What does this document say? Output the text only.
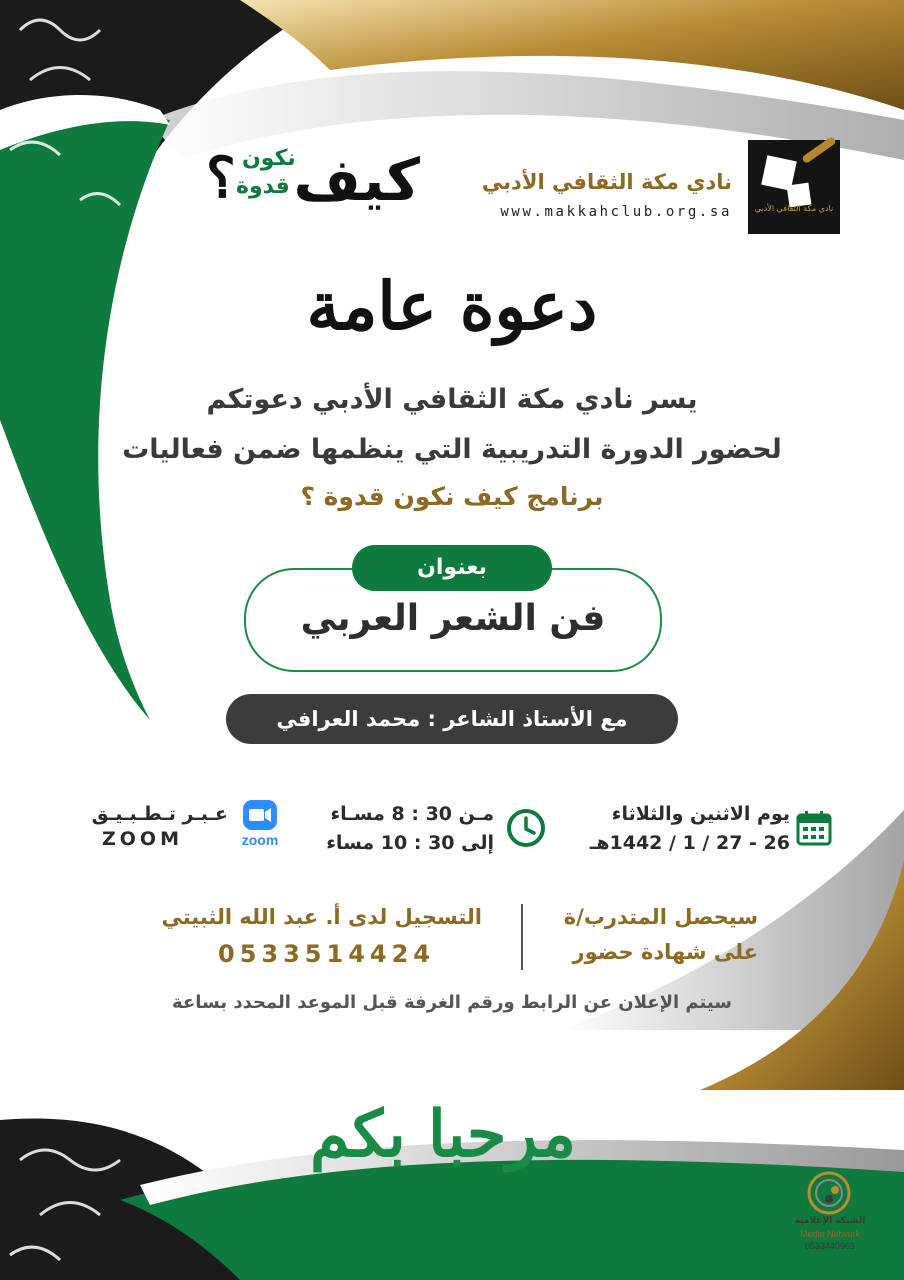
نادي مكة الثقافي الأدبي
نادي مكة الثقافي الأدبي
www.makkahclub.org.sa
كيف
نكون
قدوة
؟
دعوة عامة
يسر نادي مكة الثقافي الأدبي دعوتكم
لحضور الدورة التدريبية التي ينظمها ضمن فعاليات
برنامج كيف نكون قدوة ؟
بعنوان
فن الشعر العربي
مع الأستاذ الشاعر : محمد العرافي
يوم الاثنين والثلاثاء
26 - 27 / 1 / 1442هـ
مـن 30 : 8 مسـاء
إلى 30 : 10 مساء
zoom
عـبـر تـطـبـيـق
ZOOM
سيحصل المتدرب/ة
على شهادة حضور
التسجيل لدى أ. عبد الله الثبيتي
0533514424
سيتم الإعلان عن الرابط ورقم الغرفة قبل الموعد المحدد بساعة
مرحبا بكم
الشبكة الإعلامية
Media Network
0533440969
